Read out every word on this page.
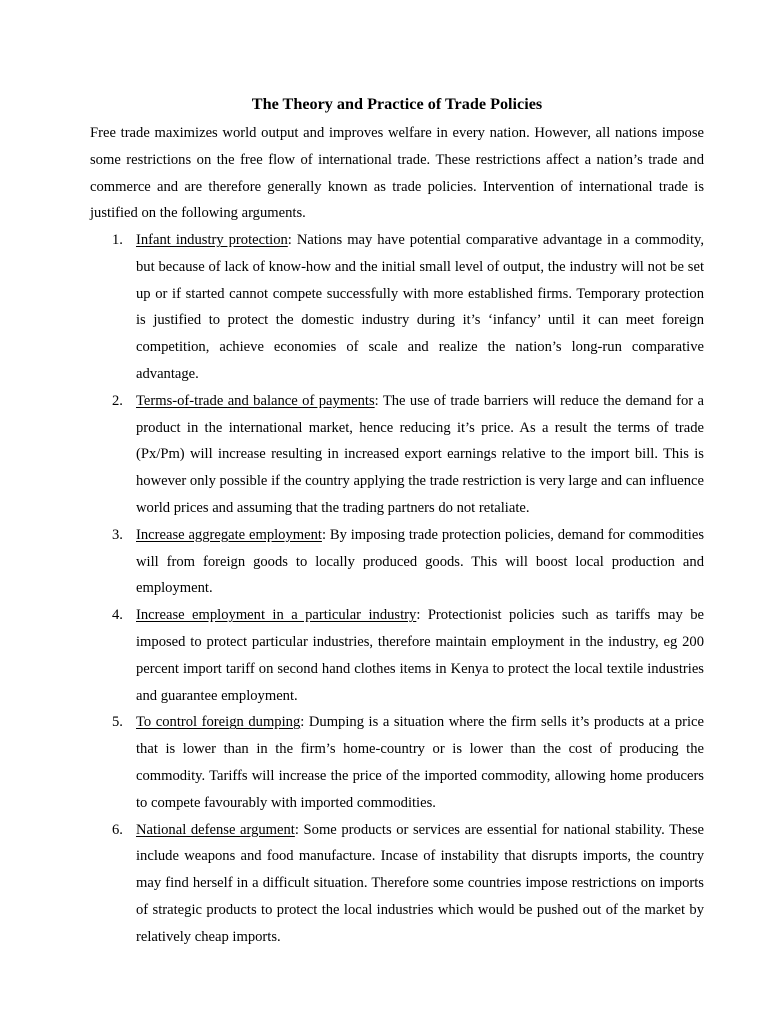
The Theory and Practice of Trade Policies

Free trade maximizes world output and improves welfare in every nation. However, all nations impose some restrictions on the free flow of international trade. These restrictions affect a nation’s trade and commerce and are therefore generally known as trade policies. Intervention of international trade is justified on the following arguments.

1. Infant industry protection: Nations may have potential comparative advantage in a commodity, but because of lack of know-how and the initial small level of output, the industry will not be set up or if started cannot compete successfully with more established firms. Temporary protection is justified to protect the domestic industry during it’s ‘infancy’ until it can meet foreign competition, achieve economies of scale and realize the nation’s long-run comparative advantage.
2. Terms-of-trade and balance of payments: The use of trade barriers will reduce the demand for a product in the international market, hence reducing it’s price. As a result the terms of trade (Px/Pm) will increase resulting in increased export earnings relative to the import bill. This is however only possible if the country applying the trade restriction is very large and can influence world prices and assuming that the trading partners do not retaliate.
3. Increase aggregate employment: By imposing trade protection policies, demand for commodities will from foreign goods to locally produced goods. This will boost local production and employment.
4. Increase employment in a particular industry: Protectionist policies such as tariffs may be imposed to protect particular industries, therefore maintain employment in the industry, eg 200 percent import tariff on second hand clothes items in Kenya to protect the local textile industries and guarantee employment.
5. To control foreign dumping: Dumping is a situation where the firm sells it’s products at a price that is lower than in the firm’s home-country or is lower than the cost of producing the commodity. Tariffs will increase the price of the imported commodity, allowing home producers to compete favourably with imported commodities.
6. National defense argument: Some products or services are essential for national stability. These include weapons and food manufacture. Incase of instability that disrupts imports, the country may find herself in a difficult situation. Therefore some countries impose restrictions on imports of strategic products to protect the local industries which would be pushed out of the market by relatively cheap imports.
